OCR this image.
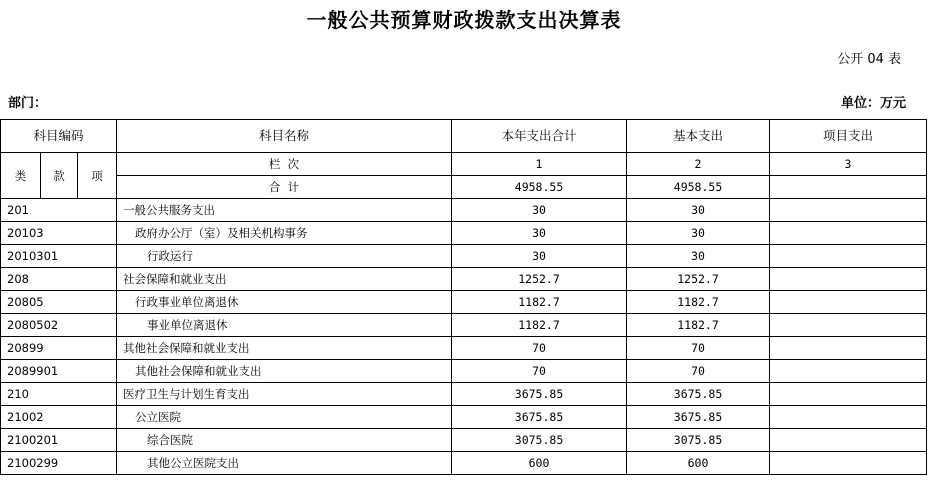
一般公共预算财政拨款支出决算表
公开 04 表
部门：	单位：万元
科目编码			科目名称	本年支出合计	基本支出	项目支出
类	款	项	栏  次	1	2	3
			合  计	4958.55	4958.55	
201			一般公共服务支出	30	30	
20103			政府办公厅（室）及相关机构事务	30	30	
2010301			行政运行	30	30	
208			社会保障和就业支出	1252.7	1252.7	
20805			行政事业单位离退休	1182.7	1182.7	
2080502			事业单位离退休	1182.7	1182.7	
20899			其他社会保障和就业支出	70	70	
2089901			其他社会保障和就业支出	70	70	
210			医疗卫生与计划生育支出	3675.85	3675.85	
21002			公立医院	3675.85	3675.85	
2100201			综合医院	3075.85	3075.85	
2100299			其他公立医院支出	600	600	
